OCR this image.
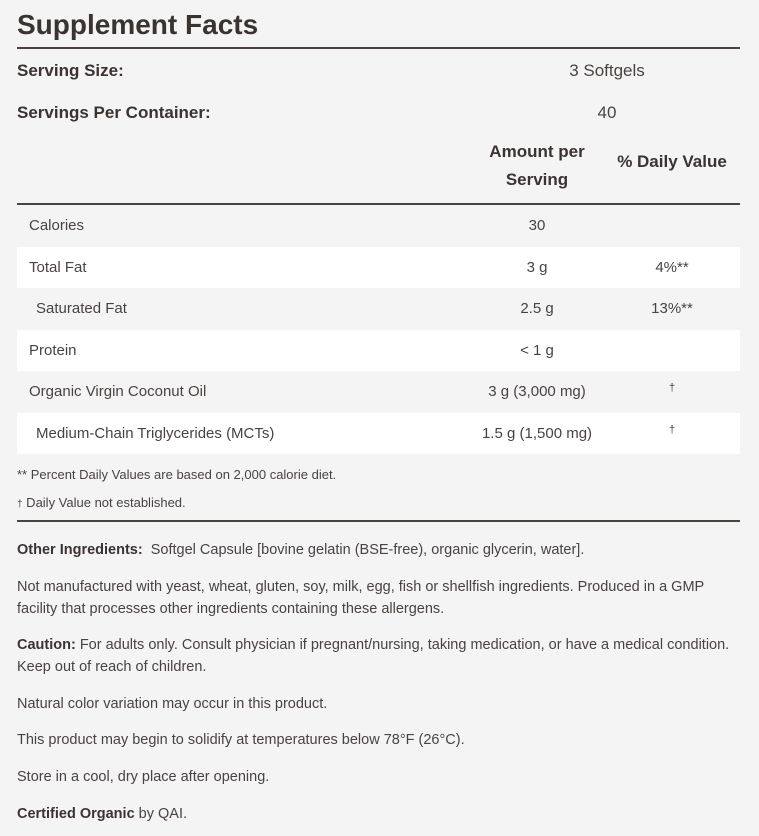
Supplement Facts
Serving Size:	3 Softgels
Servings Per Container:	40
Amount per
Serving
% Daily Value
Calories	30
Total Fat	3 g	4%**
Saturated Fat	2.5 g	13%**
Protein	< 1 g
Organic Virgin Coconut Oil	3 g (3,000 mg)	†
Medium-Chain Triglycerides (MCTs)	1.5 g (1,500 mg)	†
** Percent Daily Values are based on 2,000 calorie diet.
† Daily Value not established.

Other Ingredients: Softgel Capsule [bovine gelatin (BSE-free), organic glycerin, water].

Not manufactured with yeast, wheat, gluten, soy, milk, egg, fish or shellfish ingredients. Produced in a GMP facility that processes other ingredients containing these allergens.

Caution: For adults only. Consult physician if pregnant/nursing, taking medication, or have a medical condition. Keep out of reach of children.

Natural color variation may occur in this product.

This product may begin to solidify at temperatures below 78°F (26°C).

Store in a cool, dry place after opening.

Certified Organic by QAI.
